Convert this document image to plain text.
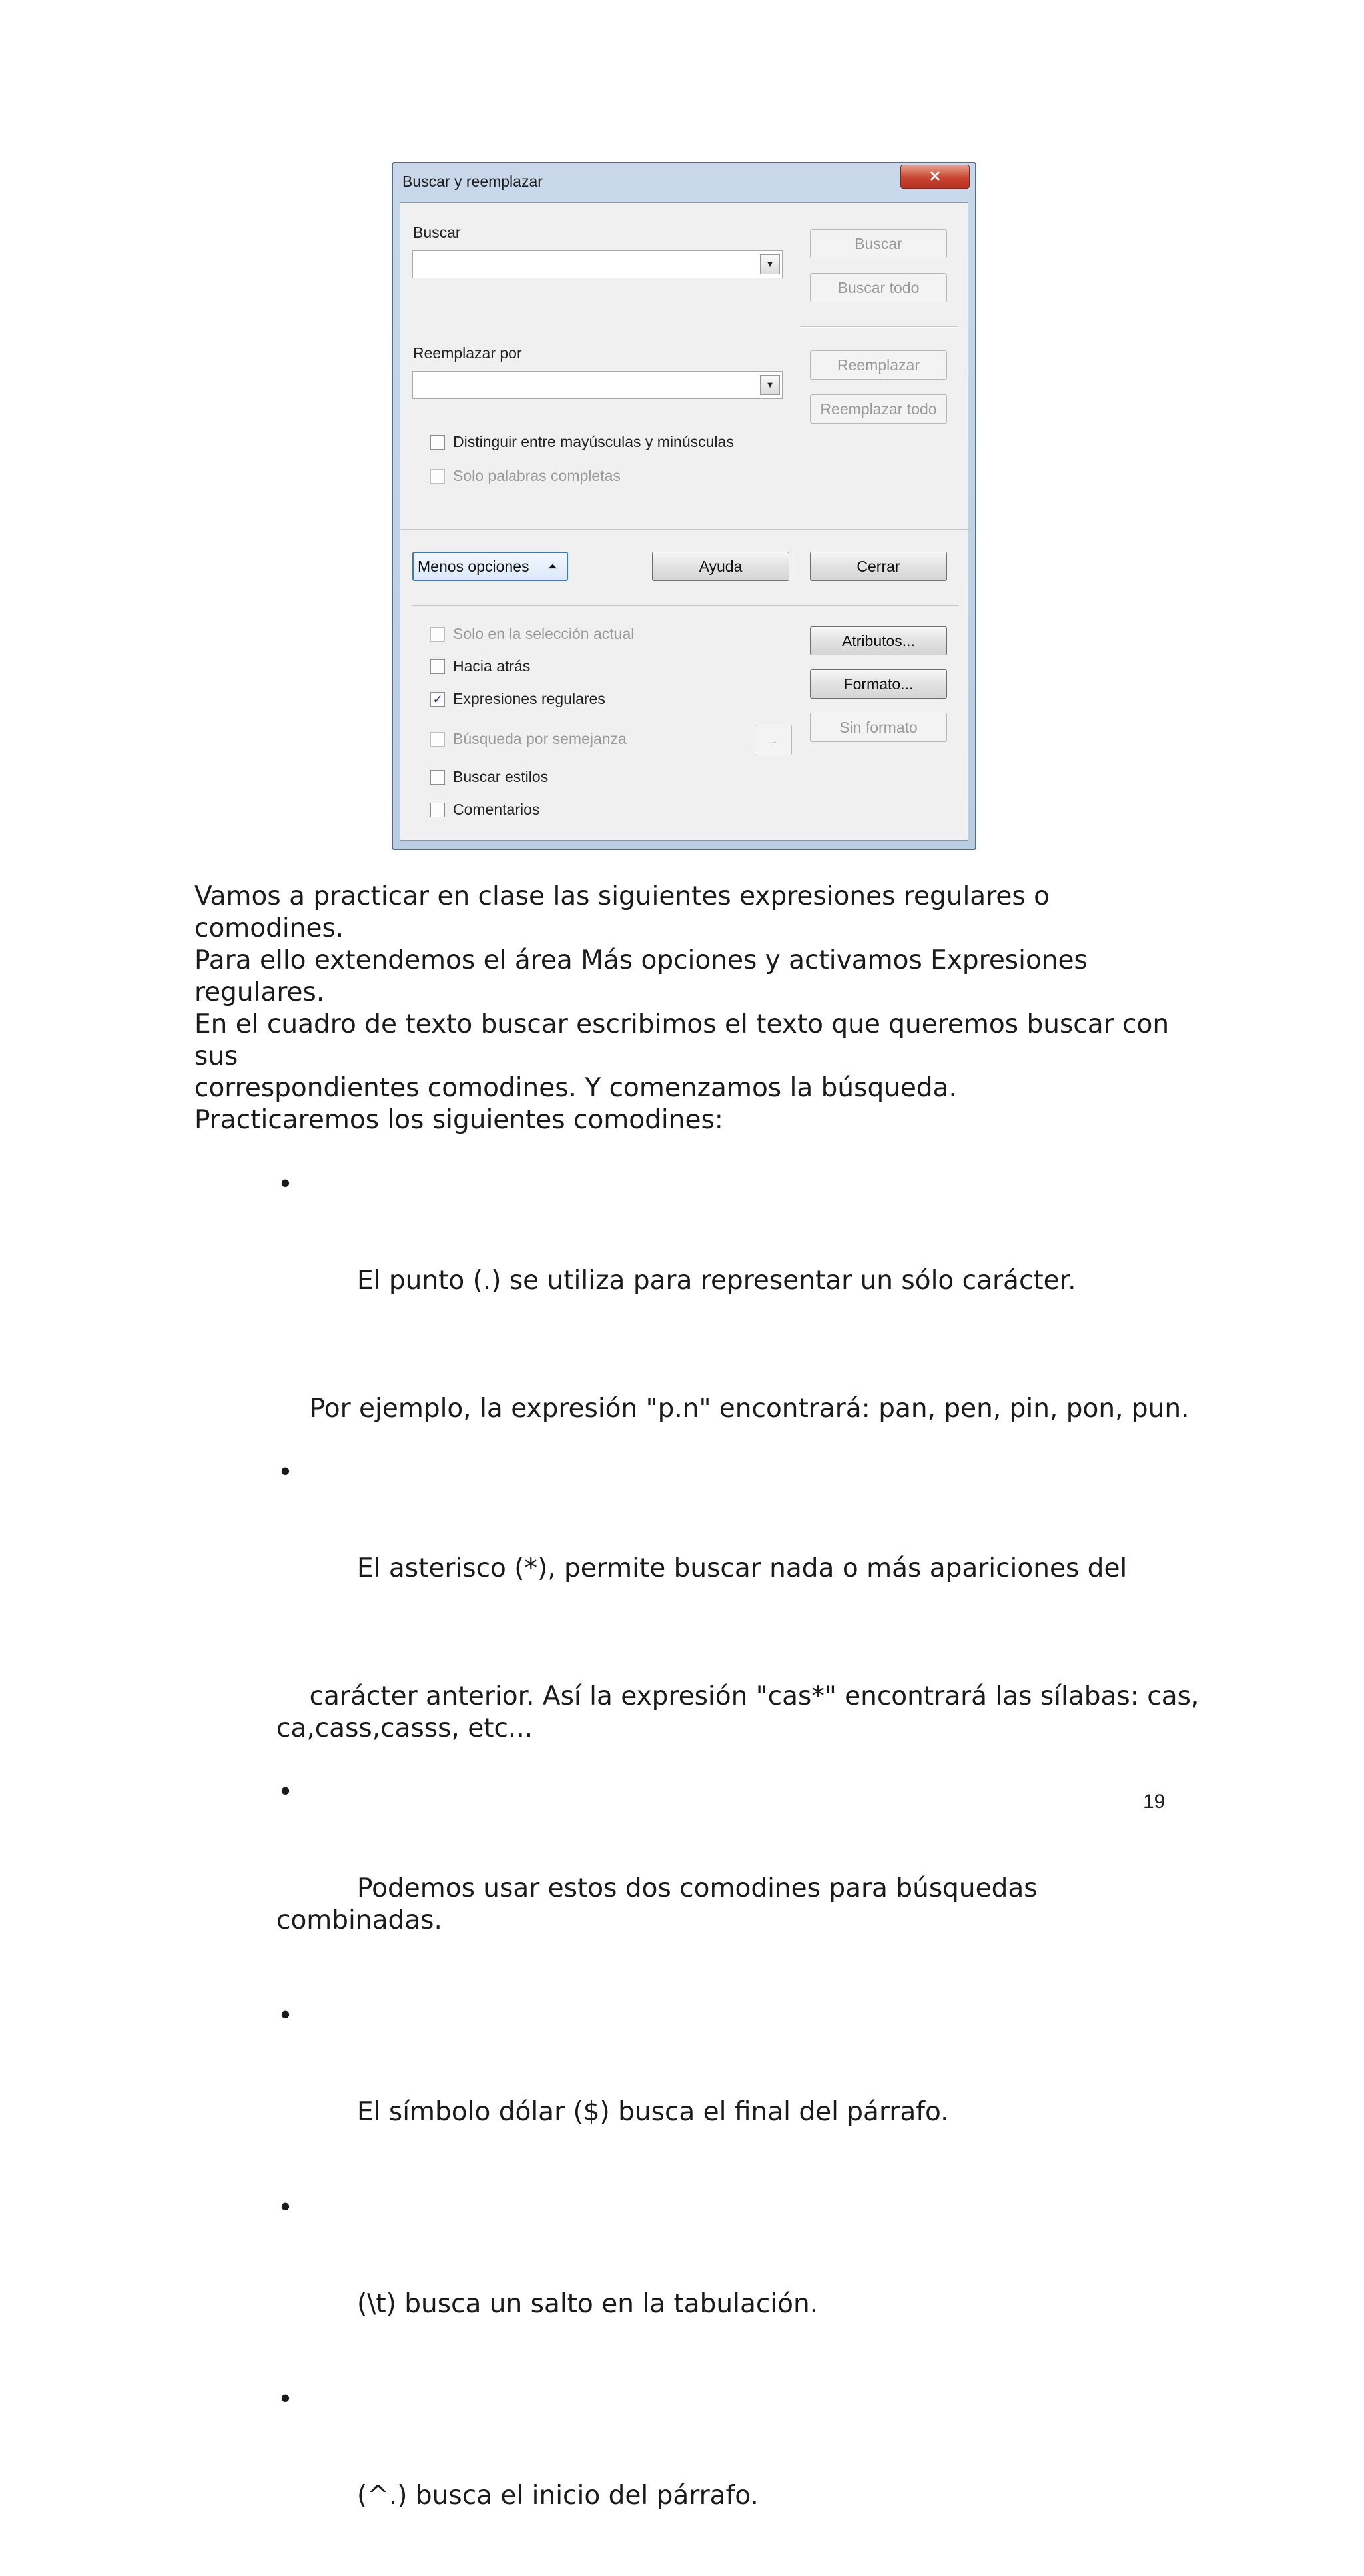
Buscar y reemplazar	✕
Buscar
▼
Buscar
Buscar todo
Reemplazar por
▼
Reemplazar
Reemplazar todo
Distinguir entre mayúsculas y minúsculas
Solo palabras completas
Menos opciones ⏶	Ayuda	Cerrar
Solo en la selección actual
Hacia atrás
✓ Expresiones regulares
Búsqueda por semejanza	...
Buscar estilos
Comentarios
Atributos...
Formato...
Sin formato

Vamos a practicar en clase las siguientes expresiones regulares o comodines.

Para ello extendemos el área Más opciones y activamos Expresiones regulares.

En el cuadro de texto buscar escribimos el texto que queremos buscar con sus
correspondientes comodines. Y comenzamos la búsqueda.

Practicaremos los siguientes comodines:

•

El punto (.) se utiliza para representar un sólo carácter.

Por ejemplo, la expresión "p.n" encontrará: pan, pen, pin, pon, pun.

•

El asterisco (*), permite buscar nada o más apariciones del

carácter anterior. Así la expresión "cas*" encontrará las sílabas: cas,
ca,cass,casss, etc...

•

Podemos usar estos dos comodines para búsquedas combinadas.

•

El símbolo dólar ($) busca el final del párrafo.

•

(\t) busca un salto en la tabulación.

•

(^.) busca el inicio del párrafo.

19
